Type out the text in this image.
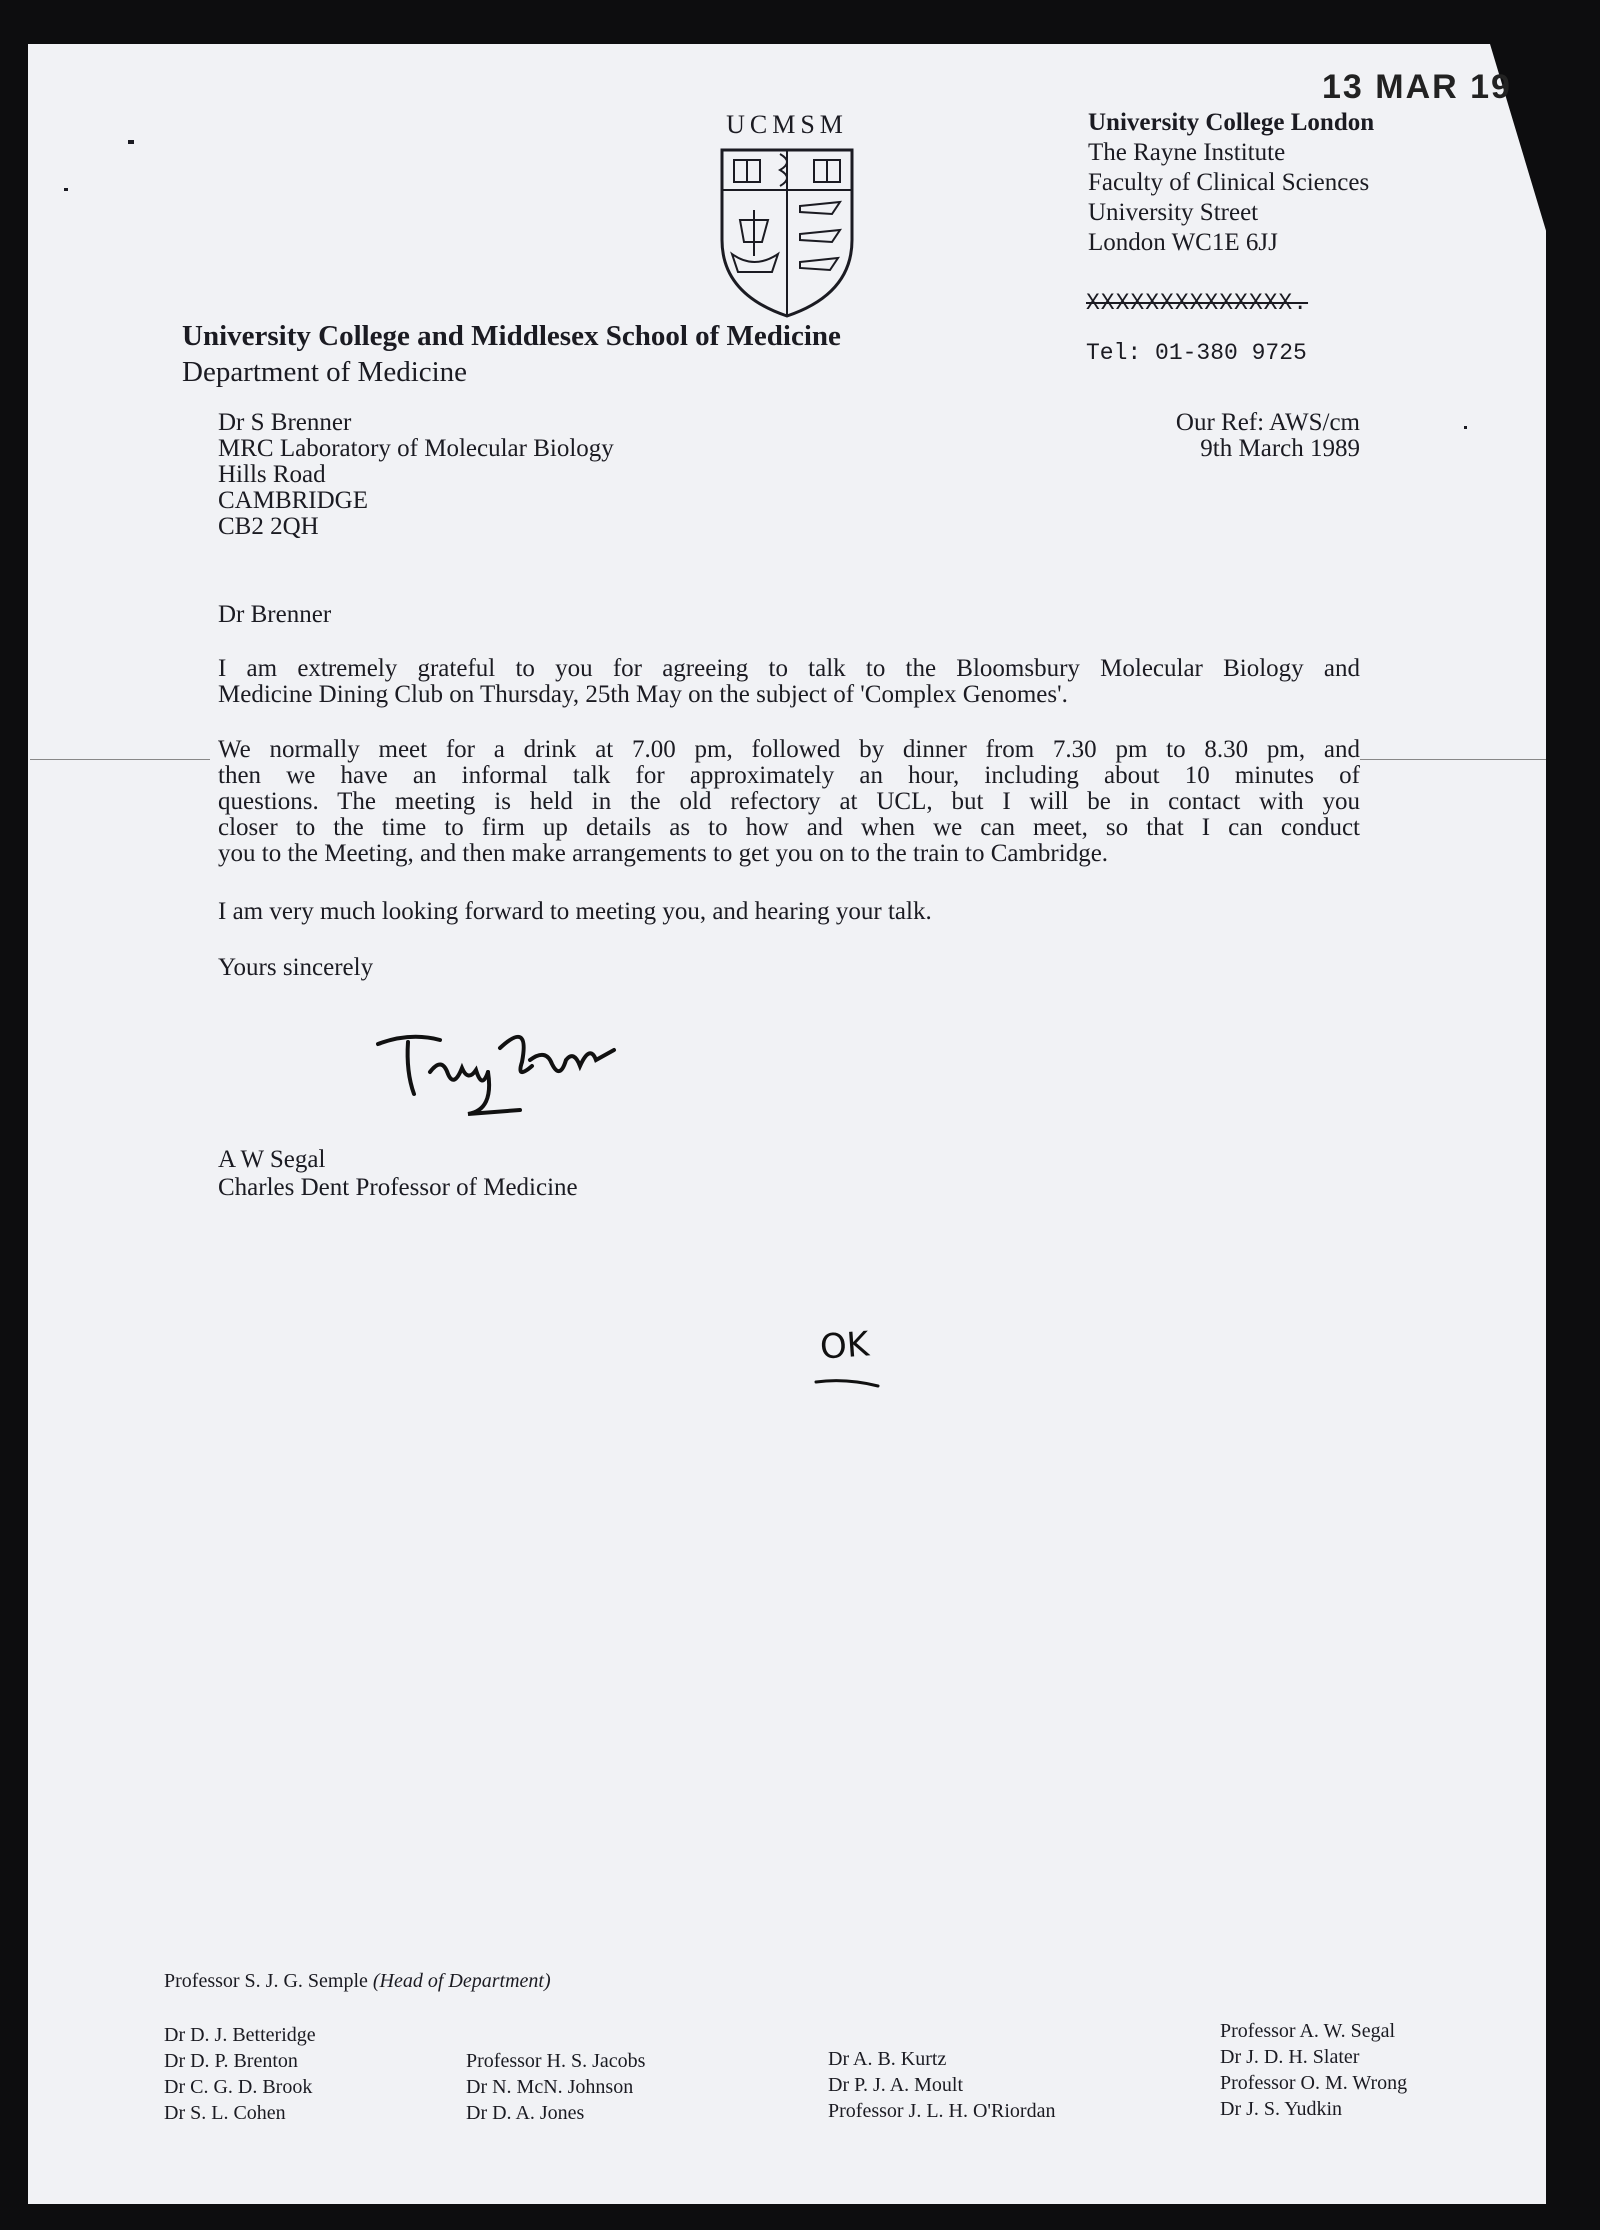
13 MAR 19
UCMSM	University College London
The Rayne Institute
Faculty of Clinical Sciences
University Street
London WC1E 6JJ
XXXXXXXXXXXXXX.
Tel: 01-380 9725
University College and Middlesex School of Medicine
Department of Medicine
Dr S Brenner
MRC Laboratory of Molecular Biology
Hills Road
CAMBRIDGE
CB2 2QH
Our Ref: AWS/cm
9th March 1989
Dr Brenner
I am extremely grateful to you for agreeing to talk to the Bloomsbury Molecular Biology and
Medicine Dining Club on Thursday, 25th May on the subject of 'Complex Genomes'.
We normally meet for a drink at 7.00 pm, followed by dinner from 7.30 pm to 8.30 pm, and
then we have an informal talk for approximately an hour, including about 10 minutes of
questions. The meeting is held in the old refectory at UCL, but I will be in contact with you
closer to the time to firm up details as to how and when we can meet, so that I can conduct
you to the Meeting, and then make arrangements to get you on to the train to Cambridge.
I am very much looking forward to meeting you, and hearing your talk.
Yours sincerely
A W Segal
Charles Dent Professor of Medicine
OK
Professor S. J. G. Semple (Head of Department)
Dr D. J. Betteridge
Dr D. P. Brenton
Dr C. G. D. Brook
Dr S. L. Cohen
Professor H. S. Jacobs
Dr N. McN. Johnson
Dr D. A. Jones
Dr A. B. Kurtz
Dr P. J. A. Moult
Professor J. L. H. O'Riordan
Professor A. W. Segal
Dr J. D. H. Slater
Professor O. M. Wrong
Dr J. S. Yudkin
